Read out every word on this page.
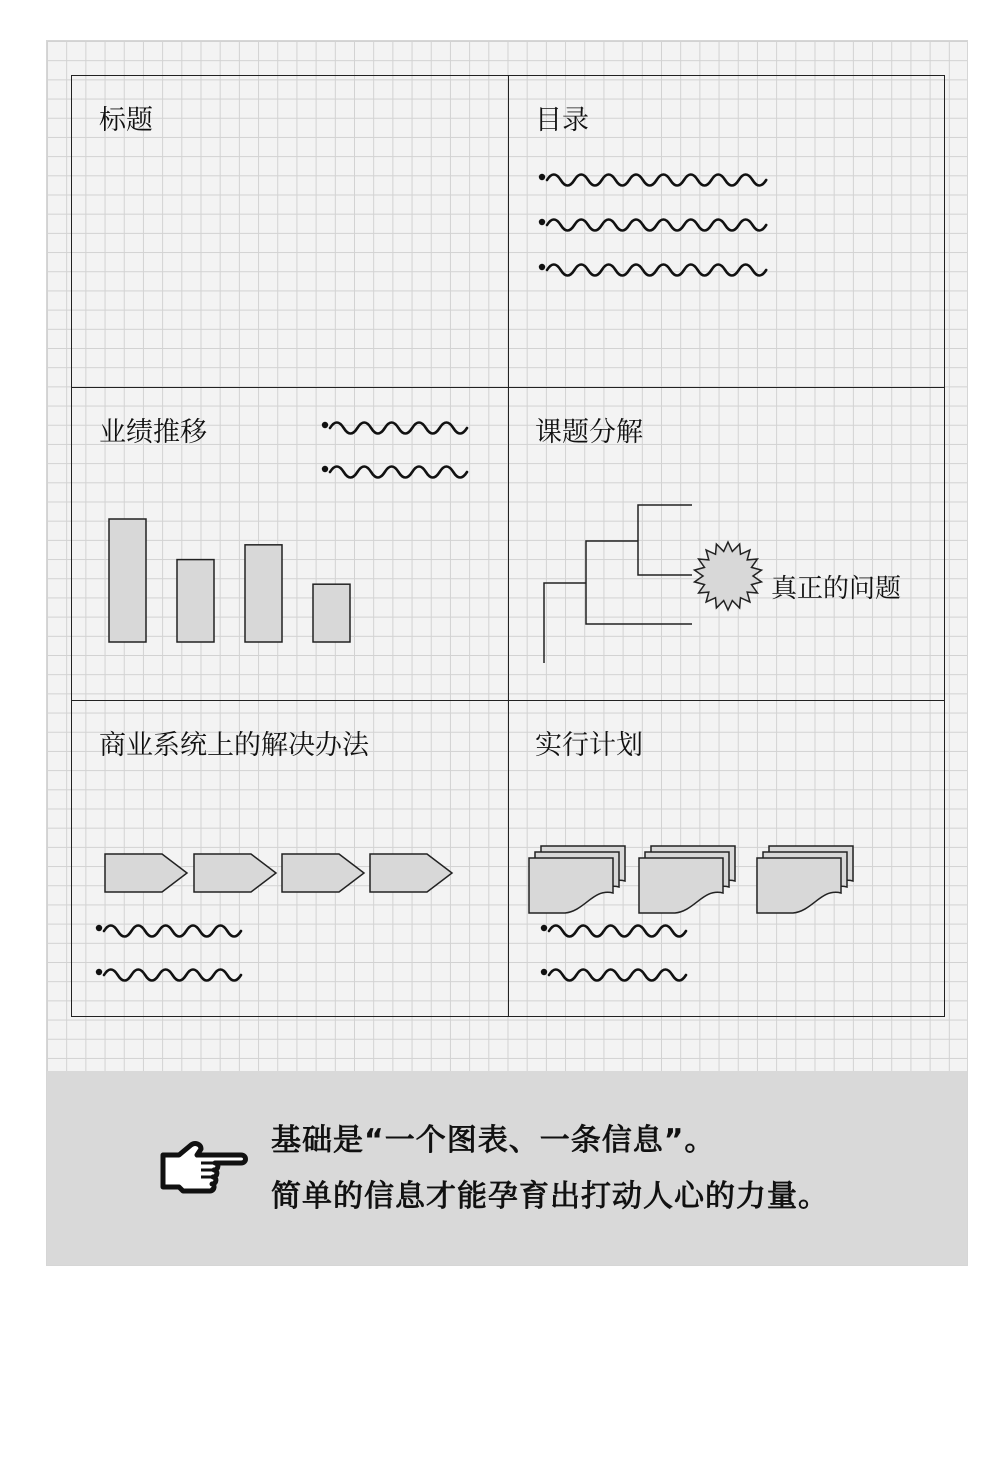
标题	目录
业绩推移	课题分解
真正的问题
商业系统上的解决办法	实行计划
基础是“一个图表、一条信息”。
简单的信息才能孕育出打动人心的力量。
